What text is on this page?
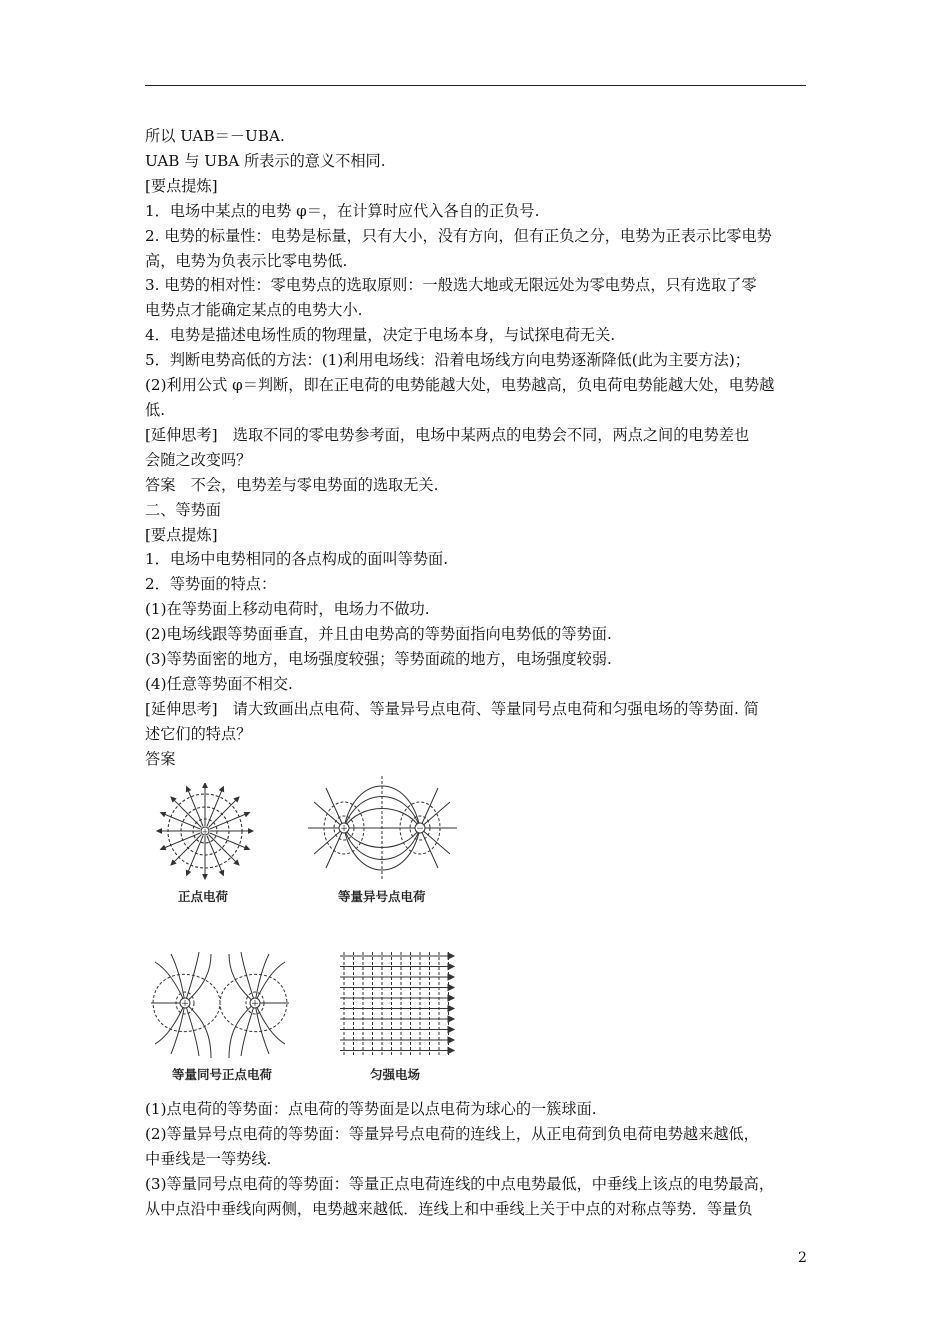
所以 UAB＝－UBA.

UAB 与 UBA 所表示的意义不相同.

[要点提炼]

1．电场中某点的电势 φ＝，在计算时应代入各自的正负号.

2. 电势的标量性：电势是标量，只有大小，没有方向，但有正负之分，电势为正表示比零电势

高，电势为负表示比零电势低.

3. 电势的相对性：零电势点的选取原则：一般选大地或无限远处为零电势点，只有选取了零

电势点才能确定某点的电势大小.

4．电势是描述电场性质的物理量，决定于电场本身，与试探电荷无关.

5．判断电势高低的方法：(1)利用电场线：沿着电场线方向电势逐渐降低(此为主要方法)；

(2)利用公式 φ＝判断，即在正电荷的电势能越大处，电势越高，负电荷电势能越大处，电势越

低.

[延伸思考]　选取不同的零电势参考面，电场中某两点的电势会不同，两点之间的电势差也

会随之改变吗？

答案　不会，电势差与零电势面的选取无关.

二、等势面

[要点提炼]

1．电场中电势相同的各点构成的面叫等势面.

2．等势面的特点：

(1)在等势面上移动电荷时，电场力不做功.

(2)电场线跟等势面垂直，并且由电势高的等势面指向电势低的等势面.

(3)等势面密的地方，电场强度较强；等势面疏的地方，电场强度较弱.

(4)任意等势面不相交.

[延伸思考]　请大致画出点电荷、等量异号点电荷、等量同号点电荷和匀强电场的等势面. 简

述它们的特点？

答案

+
正点电荷
+	−
等量异号点电荷
+	+
等量同号正点电荷	匀强电场

(1)点电荷的等势面：点电荷的等势面是以点电荷为球心的一簇球面.

(2)等量异号点电荷的等势面：等量异号点电荷的连线上，从正电荷到负电荷电势越来越低，

中垂线是一等势线.

(3)等量同号点电荷的等势面：等量正点电荷连线的中点电势最低，中垂线上该点的电势最高，

从中点沿中垂线向两侧，电势越来越低．连线上和中垂线上关于中点的对称点等势．等量负

2
